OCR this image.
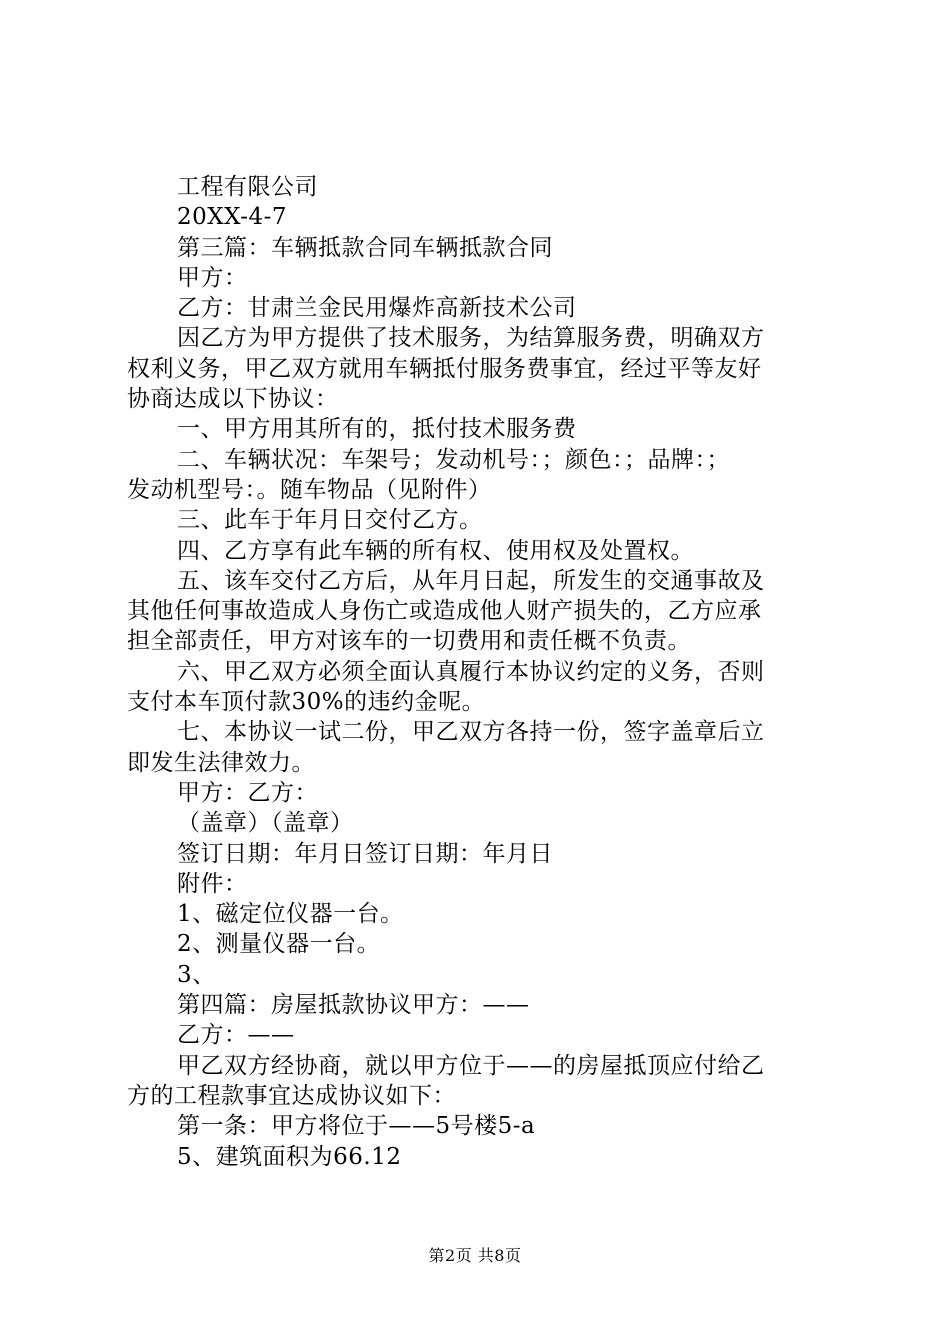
工程有限公司
20XX-4-7
第三篇：车辆抵款合同车辆抵款合同
甲方：
乙方：甘肃兰金民用爆炸高新技术公司
因乙方为甲方提供了技术服务，为结算服务费，明确双方
权利义务，甲乙双方就用车辆抵付服务费事宜，经过平等友好
协商达成以下协议：
一、甲方用其所有的，抵付技术服务费
二、车辆状况：车架号；发动机号：；颜色：；品牌：；
发动机型号：。随车物品（见附件）
三、此车于年月日交付乙方。
四、乙方享有此车辆的所有权、使用权及处置权。
五、该车交付乙方后，从年月日起，所发生的交通事故及
其他任何事故造成人身伤亡或造成他人财产损失的，乙方应承
担全部责任，甲方对该车的一切费用和责任概不负责。
六、甲乙双方必须全面认真履行本协议约定的义务，否则
支付本车顶付款30%的违约金呢。
七、本协议一试二份，甲乙双方各持一份，签字盖章后立
即发生法律效力。
甲方：乙方：
（盖章）（盖章）
签订日期：年月日签订日期：年月日
附件：
1、磁定位仪器一台。
2、测量仪器一台。
3、
第四篇：房屋抵款协议甲方：——
乙方：——
甲乙双方经协商，就以甲方位于——的房屋抵顶应付给乙
方的工程款事宜达成协议如下：
第一条：甲方将位于——5号楼5-a
5、建筑面积为66.12
第2页 共8页
